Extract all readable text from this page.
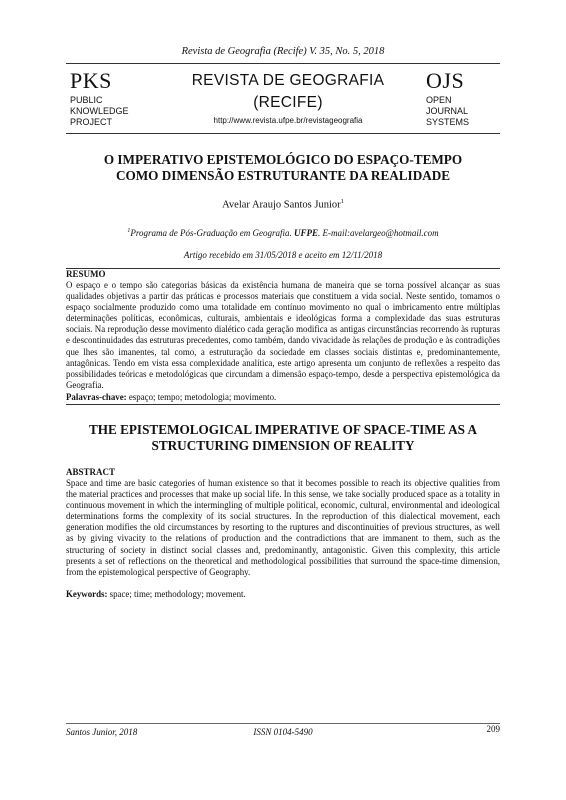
Revista de Geografia (Recife) V. 35, No. 5, 2018
PKS
PUBLIC
KNOWLEDGE
PROJECT
REVISTA DE GEOGRAFIA
(RECIFE)
http://www.revista.ufpe.br/revistageografia
OJS
OPEN
JOURNAL
SYSTEMS
O IMPERATIVO EPISTEMOLÓGICO DO ESPAÇO-TEMPO
COMO DIMENSÃO ESTRUTURANTE DA REALIDADE
Avelar Araujo Santos Junior$^1$
$^1$Programa de Pós-Graduação em Geografia. UFPE. E-mail:avelargeo@hotmail.com
Artigo recebido em 31/05/2018 e aceito em 12/11/2018
RESUMO
O espaço e o tempo são categorias básicas da existência humana de maneira que se torna possível alcançar as suas qualidades objetivas a partir das práticas e processos materiais que constituem a vida social. Neste sentido, tomamos o espaço socialmente produzido como uma totalidade em contínuo movimento no qual o imbricamento entre múltiplas determinações políticas, econômicas, culturais, ambientais e ideológicas forma a complexidade das suas estruturas sociais. Na reprodução desse movimento dialético cada geração modifica as antigas circunstâncias recorrendo às rupturas e descontinuidades das estruturas precedentes, como também, dando vivacidade às relações de produção e às contradições que lhes são imanentes, tal como, a estruturação da sociedade em classes sociais distintas e, predominantemente, antagônicas. Tendo em vista essa complexidade analítica, este artigo apresenta um conjunto de reflexões a respeito das possibilidades teóricas e metodológicas que circundam a dimensão espaço-tempo, desde a perspectiva epistemológica da Geografia.
Palavras-chave: espaço; tempo; metodologia; movimento.
THE EPISTEMOLOGICAL IMPERATIVE OF SPACE-TIME AS A
STRUCTURING DIMENSION OF REALITY
ABSTRACT
Space and time are basic categories of human existence so that it becomes possible to reach its objective qualities from the material practices and processes that make up social life. In this sense, we take socially produced space as a totality in continuous movement in which the intermingling of multiple political, economic, cultural, environmental and ideological determinations forms the complexity of its social structures. In the reproduction of this dialectical movement, each generation modifies the old circumstances by resorting to the ruptures and discontinuities of previous structures, as well as by giving vivacity to the relations of production and the contradictions that are immanent to them, such as the structuring of society in distinct social classes and, predominantly, antagonistic. Given this complexity, this article presents a set of reflections on the theoretical and methodological possibilities that surround the space-time dimension, from the epistemological perspective of Geography.
Keywords: space; time; methodology; movement.
Santos Junior, 2018	ISSN 0104-5490	209
